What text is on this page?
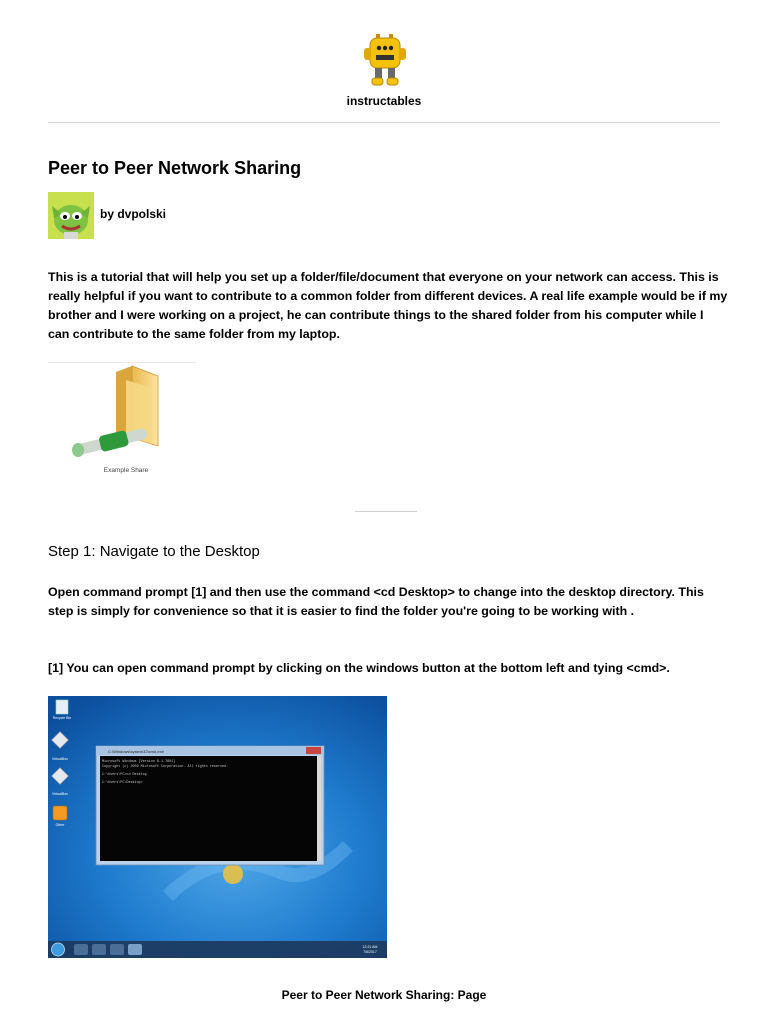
instructables
Peer to Peer Network Sharing
by dvpolski

This is a tutorial that will help you set up a folder/file/document that everyone on your network can access. This is really helpful if you want to contribute to a common folder from different devices. A real life example would be if my brother and I were working on a project, he can contribute things to the shared folder from his computer while I can contribute to the same folder from my laptop.

Example Share
Step 1: Navigate to the Desktop

Open command prompt [1] and then use the command <cd Desktop> to change into the desktop directory. This step is simply for convenience so that it is easier to find the folder you're going to be working with .

[1] You can open command prompt by clicking on the windows button at the bottom left and tying <cmd>.

Recycle Bin
VirtualBox
VirtualBox
Other
C:\Windows\system32\cmd.exe
Microsoft Windows [Version 6.1.7601]
Copyright (c) 2009 Microsoft Corporation. All rights reserved.
C:\Users\PC>cd Desktop
C:\Users\PC\Desktop>
12:21 AM
7/6/2017
Peer to Peer Network Sharing: Page
